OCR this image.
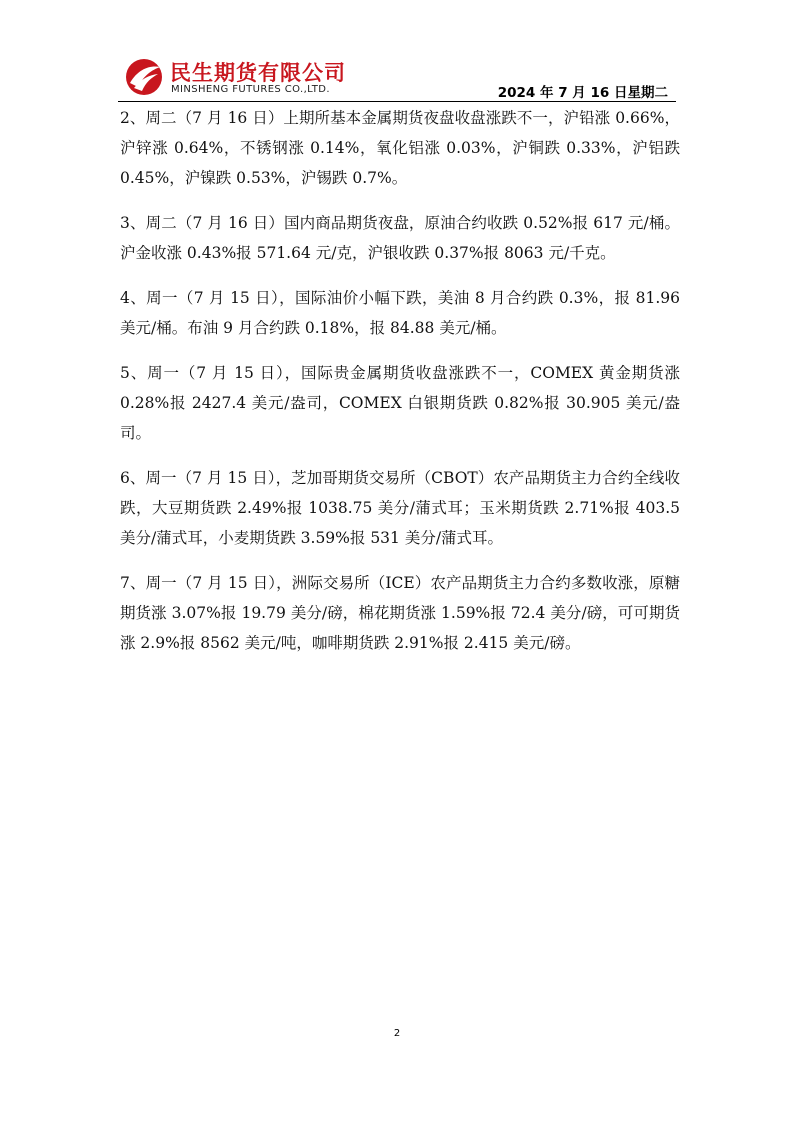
民生期货有限公司
MINSHENG FUTURES CO.,LTD.	2024 年 7 月 16 日星期二

2、周二（7 月 16 日）上期所基本金属期货夜盘收盘涨跌不一，沪铅涨 0.66%，沪锌涨 0.64%，不锈钢涨 0.14%，氧化铝涨 0.03%，沪铜跌 0.33%，沪铝跌 0.45%，沪镍跌 0.53%，沪锡跌 0.7%。

3、周二（7 月 16 日）国内商品期货夜盘，原油合约收跌 0.52%报 617 元/桶。沪金收涨 0.43%报 571.64 元/克，沪银收跌 0.37%报 8063 元/千克。

4、周一（7 月 15 日），国际油价小幅下跌，美油 8 月合约跌 0.3%，报 81.96 美元/桶。布油 9 月合约跌 0.18%，报 84.88 美元/桶。

5、周一（7 月 15 日），国际贵金属期货收盘涨跌不一，COMEX 黄金期货涨 0.28%报 2427.4 美元/盎司，COMEX 白银期货跌 0.82%报 30.905 美元/盎司。

6、周一（7 月 15 日），芝加哥期货交易所（CBOT）农产品期货主力合约全线收跌，大豆期货跌 2.49%报 1038.75 美分/蒲式耳；玉米期货跌 2.71%报 403.5 美分/蒲式耳，小麦期货跌 3.59%报 531 美分/蒲式耳。

7、周一（7 月 15 日），洲际交易所（ICE）农产品期货主力合约多数收涨，原糖期货涨 3.07%报 19.79 美分/磅，棉花期货涨 1.59%报 72.4 美分/磅，可可期货涨 2.9%报 8562 美元/吨，咖啡期货跌 2.91%报 2.415 美元/磅。

2
